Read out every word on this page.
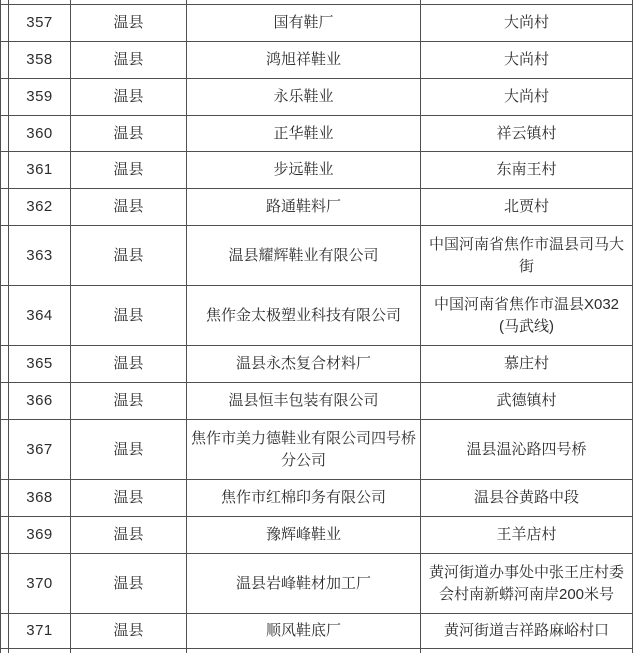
	357	温县	国有鞋厂	大尚村
	358	温县	鸿旭祥鞋业	大尚村
	359	温县	永乐鞋业	大尚村
	360	温县	正华鞋业	祥云镇村
	361	温县	步远鞋业	东南王村
	362	温县	路通鞋料厂	北贾村
	363	温县	温县耀辉鞋业有限公司	中国河南省焦作市温县司马大街
	364	温县	焦作金太极塑业科技有限公司	中国河南省焦作市温县X032(马武线)
	365	温县	温县永杰复合材料厂	慕庄村
	366	温县	温县恒丰包装有限公司	武德镇村
	367	温县	焦作市美力德鞋业有限公司四号桥分公司	温县温沁路四号桥
	368	温县	焦作市红棉印务有限公司	温县谷黄路中段
	369	温县	豫辉峰鞋业	王羊店村
	370	温县	温县岩峰鞋材加工厂	黄河街道办事处中张王庄村委会村南新蟒河南岸200米号
	371	温县	顺风鞋底厂	黄河街道吉祥路麻峪村口
